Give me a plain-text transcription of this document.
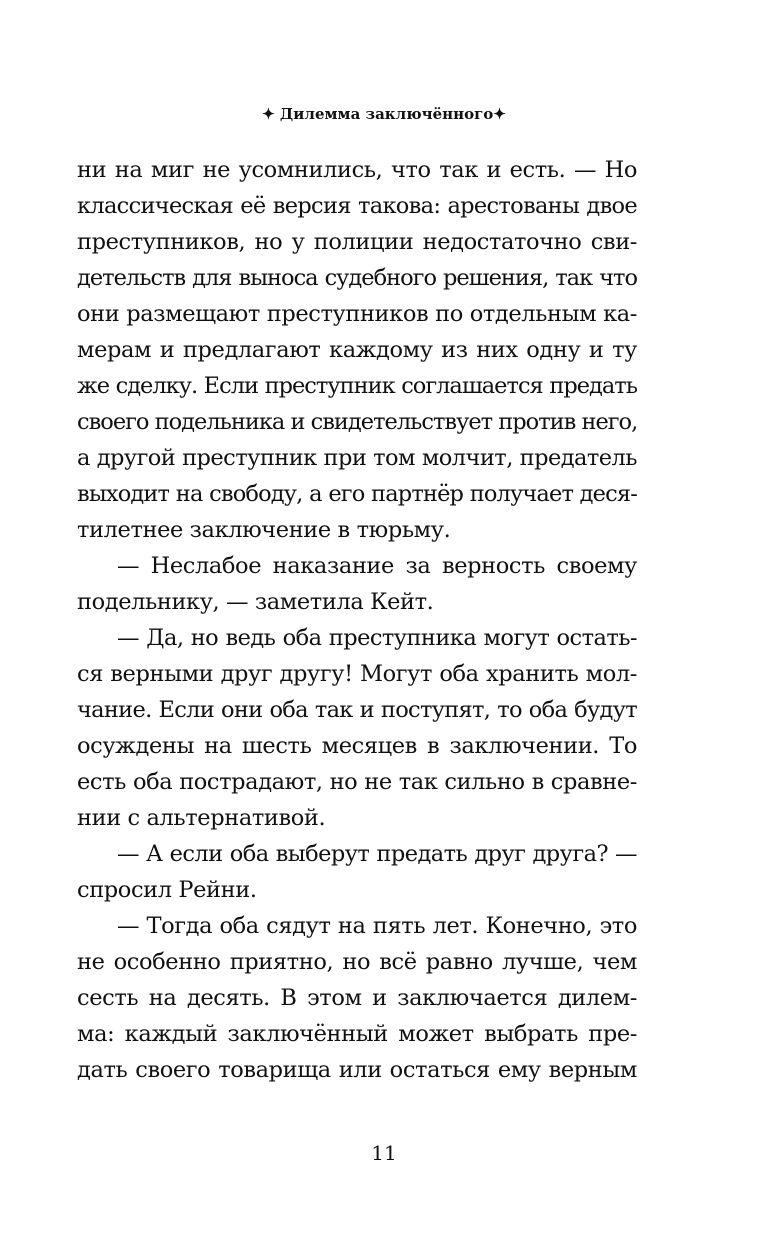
✦ Дилемма заключённого✦
ни на миг не усомнились, что так и есть. — Но
классическая её версия такова: арестованы двое
преступников, но у полиции недостаточно сви-
детельств для выноса судебного решения, так что
они размещают преступников по отдельным ка-
мерам и предлагают каждому из них одну и ту
же сделку. Если преступник соглашается предать
своего подельника и свидетельствует против него,
а другой преступник при том молчит, предатель
выходит на свободу, а его партнёр получает деся-
тилетнее заключение в тюрьму.
— Неслабое наказание за верность своему
подельнику, — заметила Кейт.
— Да, но ведь оба преступника могут остать-
ся верными друг другу! Могут оба хранить мол-
чание. Если они оба так и поступят, то оба будут
осуждены на шесть месяцев в заключении. То
есть оба пострадают, но не так сильно в сравне-
нии с альтернативой.
— А если оба выберут предать друг друга? —
спросил Рейни.
— Тогда оба сядут на пять лет. Конечно, это
не особенно приятно, но всё равно лучше, чем
сесть на десять. В этом и заключается дилем-
ма: каждый заключённый может выбрать пре-
дать своего товарища или остаться ему верным
11
